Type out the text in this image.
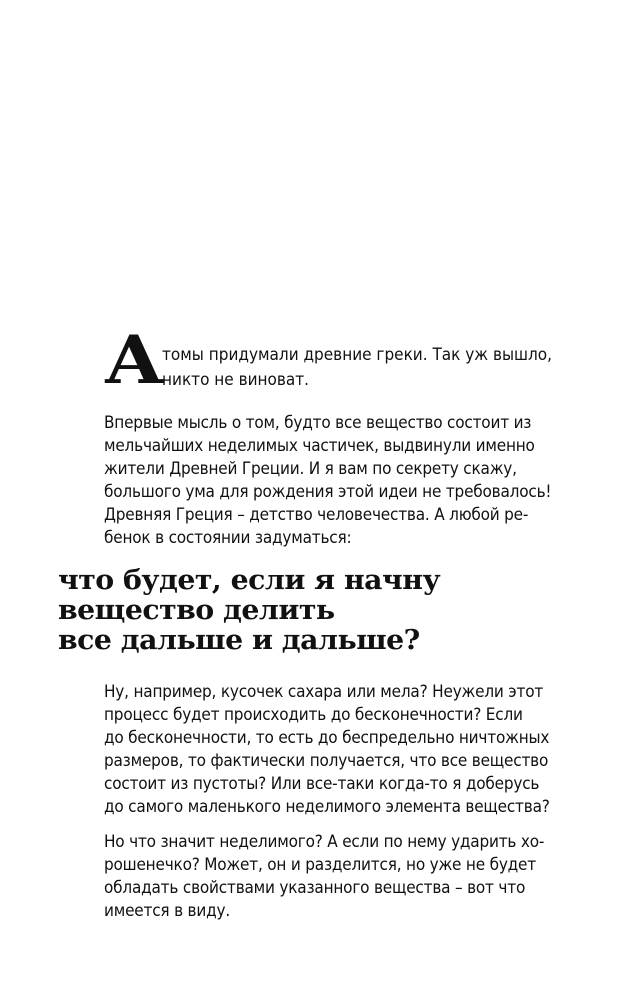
А
томы придумали древние греки. Так уж вышло,
никто не виноват.

Впервые мысль о том, будто все вещество состоит из
мельчайших неделимых частичек, выдвинули именно
жители Древней Греции. И я вам по секрету скажу,
большого ума для рождения этой идеи не требовалось!
Древняя Греция – детство человечества. А любой ре-
бенок в состоянии задуматься:

что будет, если я начну
вещество делить
все дальше и дальше?

Ну, например, кусочек сахара или мела? Неужели этот
процесс будет происходить до бесконечности? Если
до бесконечности, то есть до беспредельно ничтожных
размеров, то фактически получается, что все вещество
состоит из пустоты? Или все-таки когда-то я доберусь
до самого маленького неделимого элемента вещества?

Но что значит неделимого? А если по нему ударить хо-
рошенечко? Может, он и разделится, но уже не будет
обладать свойствами указанного вещества – вот что
имеется в виду.
